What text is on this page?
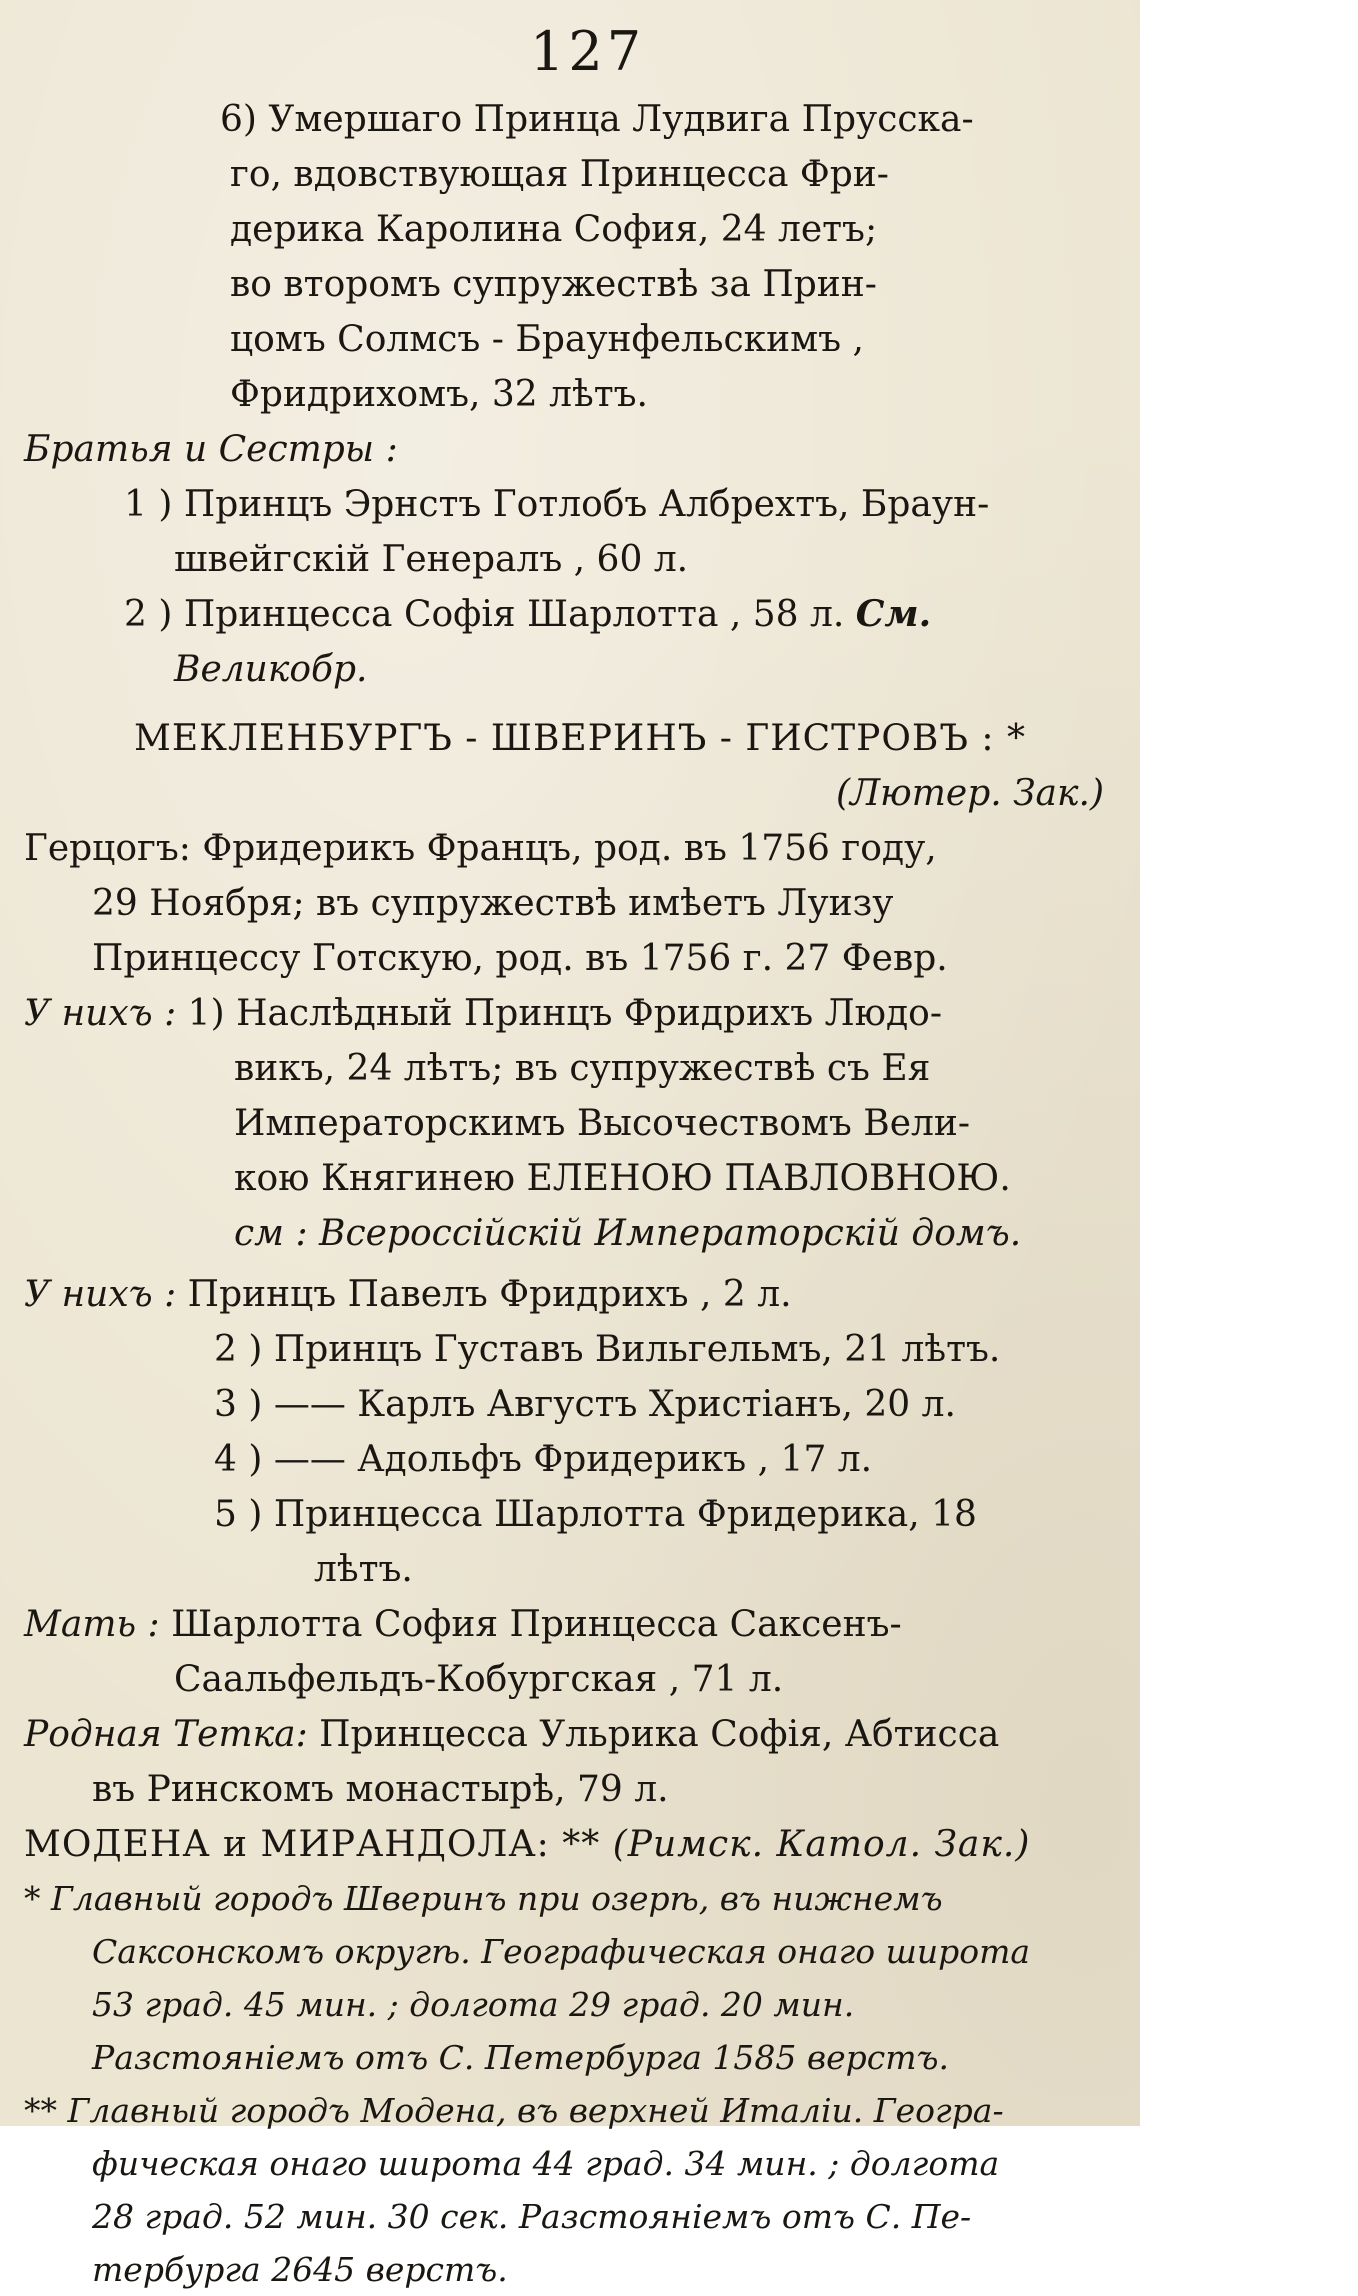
127
6) Умершаго Принца Лудвига Прусска-
го, вдовствующая Принцесса Фри-
дерика Каролина София, 24 летъ;
во второмъ супружествѣ за Прин-
цомъ Солмсъ - Браунфельскимъ ,
Фридрихомъ, 32 лѣтъ.
Братья и Сестры :
1 ) Принцъ Эрнстъ Готлобъ Албрехтъ, Браун-
швейгскій Генералъ , 60 л.
2 ) Принцесса Софія Шарлотта , 58 л. См.
Великобр.
МЕКЛЕНБУРГЪ - ШВЕРИНЪ - ГИСТРОВЪ : *
(Лютер. Зак.)
Герцогъ: Фридерикъ Францъ, род. въ 1756 году,
29 Ноября; въ супружествѣ имѣетъ Луизу
Принцессу Готскую, род. въ 1756 г. 27 Февр.
У нихъ : 1) Наслѣдный Принцъ Фридрихъ Людо-
викъ, 24 лѣтъ; въ супружествѣ съ Ея
Императорскимъ Высочествомъ Вели-
кою Княгинею ЕЛЕНОЮ ПАВЛОВНОЮ.
см : Всероссійскій Императорскій домъ.
У нихъ : Принцъ Павелъ Фридрихъ , 2 л.
2 ) Принцъ Густавъ Вильгельмъ, 21 лѣтъ.
3 ) —— Карлъ Августъ Христіанъ, 20 л.
4 ) —— Адольфъ Фридерикъ , 17 л.
5 ) Принцесса Шарлотта Фридерика, 18
лѣтъ.
Мать : Шарлотта София Принцесса Саксенъ-
Саальфельдъ-Кобургская , 71 л.
Родная Тетка: Принцесса Ульрика Софія, Абтисса
въ Ринскомъ монастырѣ, 79 л.
МОДЕНА и МИРАНДОЛА: ** (Римск. Катол. Зак.)
* Главный городъ Шверинъ при озерѣ, въ нижнемъ
Саксонскомъ округѣ. Географическая онаго широта
53 град. 45 мин. ; долгота 29 град. 20 мин.
Разстояніемъ отъ С. Петербурга 1585 верстъ.
** Главный городъ Модена, въ верхней Италіи. Геогра-
фическая онаго широта 44 град. 34 мин. ; долгота
28 град. 52 мин. 30 сек. Разстояніемъ отъ С. Пе-
тербурга 2645 верстъ.
